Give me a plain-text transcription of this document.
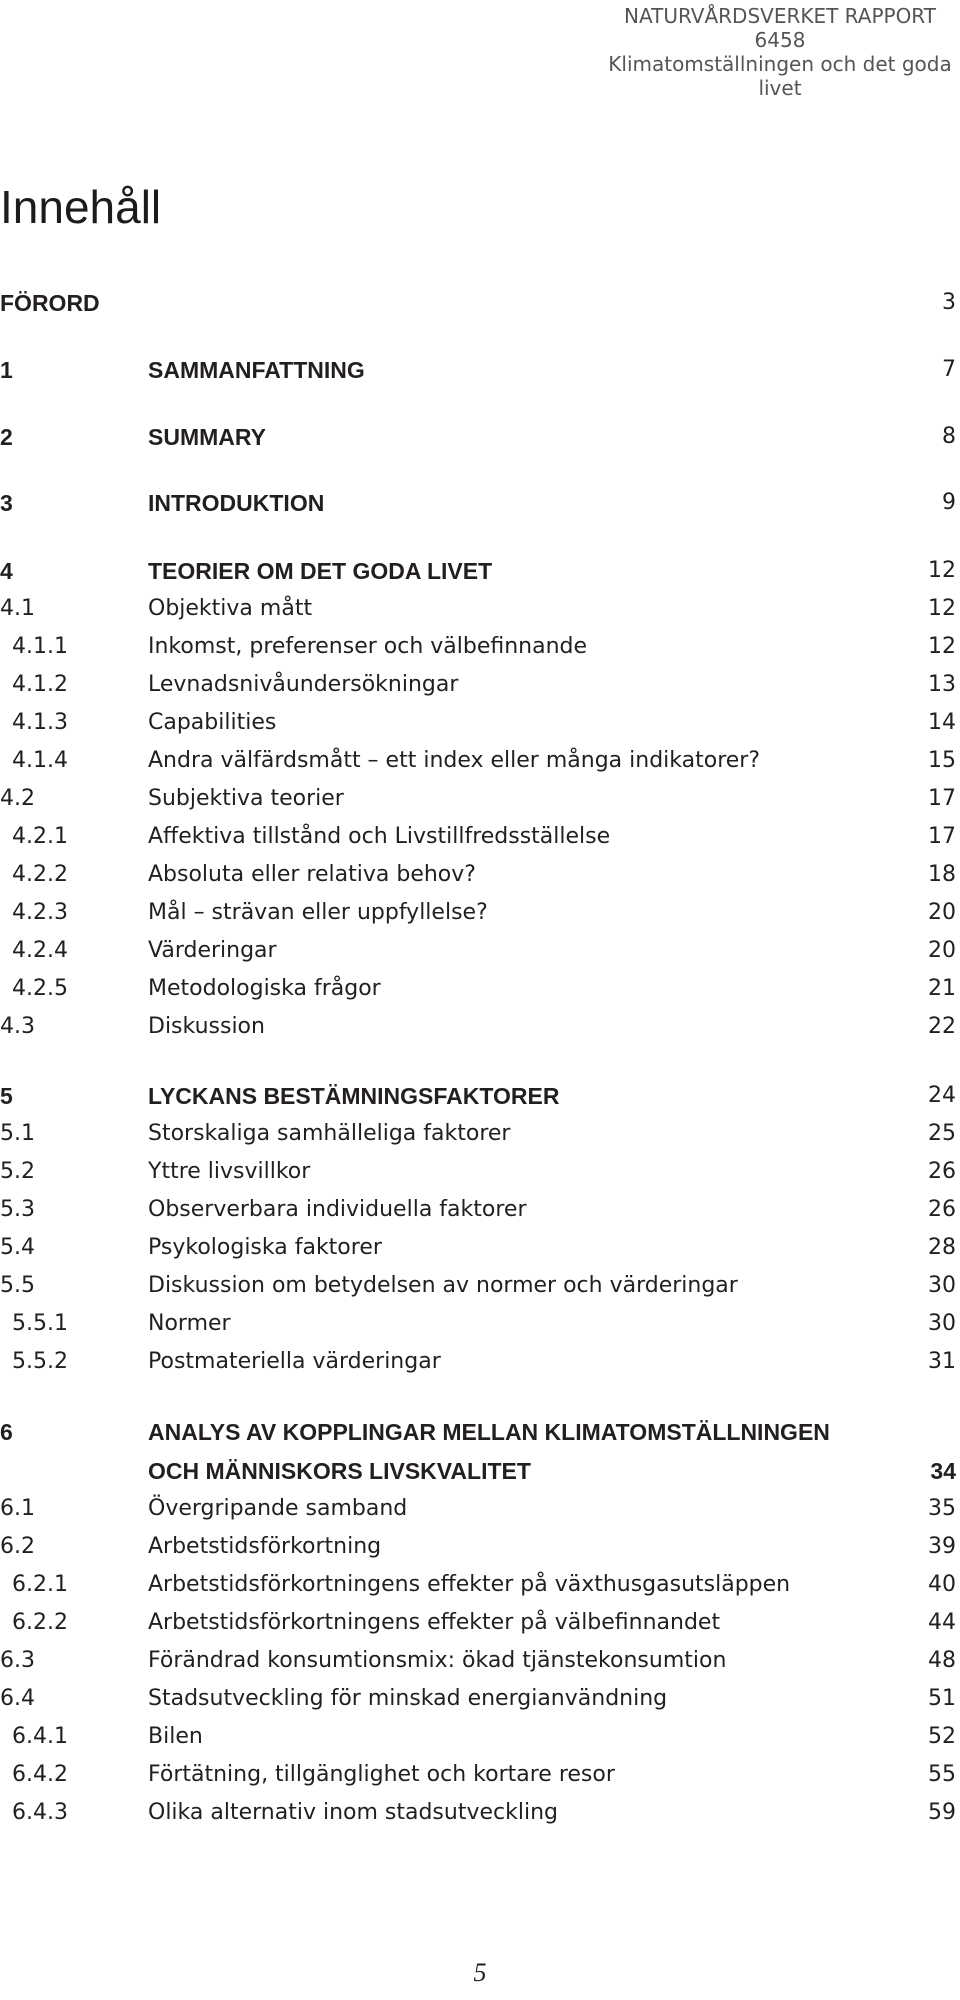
NATURVÅRDSVERKET RAPPORT 6458
Klimatomställningen och det goda livet
Innehåll
FÖRORD	3
1	SAMMANFATTNING	7
2	SUMMARY	8
3	INTRODUKTION	9
4	TEORIER OM DET GODA LIVET	12
4.1	Objektiva mått	12
4.1.1	Inkomst, preferenser och välbefinnande	12
4.1.2	Levnadsnivåundersökningar	13
4.1.3	Capabilities	14
4.1.4	Andra välfärdsmått – ett index eller många indikatorer?	15
4.2	Subjektiva teorier	17
4.2.1	Affektiva tillstånd och Livstillfredsställelse	17
4.2.2	Absoluta eller relativa behov?	18
4.2.3	Mål – strävan eller uppfyllelse?	20
4.2.4	Värderingar	20
4.2.5	Metodologiska frågor	21
4.3	Diskussion	22
5	LYCKANS BESTÄMNINGSFAKTORER	24
5.1	Storskaliga samhälleliga faktorer	25
5.2	Yttre livsvillkor	26
5.3	Observerbara individuella faktorer	26
5.4	Psykologiska faktorer	28
5.5	Diskussion om betydelsen av normer och värderingar	30
5.5.1	Normer	30
5.5.2	Postmateriella värderingar	31
6	ANALYS AV KOPPLINGAR MELLAN KLIMATOMSTÄLLNINGEN
OCH MÄNNISKORS LIVSKVALITET	34
6.1	Övergripande samband	35
6.2	Arbetstidsförkortning	39
6.2.1	Arbetstidsförkortningens effekter på växthusgasutsläppen	40
6.2.2	Arbetstidsförkortningens effekter på välbefinnandet	44
6.3	Förändrad konsumtionsmix: ökad tjänstekonsumtion	48
6.4	Stadsutveckling för minskad energianvändning	51
6.4.1	Bilen	52
6.4.2	Förtätning, tillgänglighet och kortare resor	55
6.4.3	Olika alternativ inom stadsutveckling	59
5
